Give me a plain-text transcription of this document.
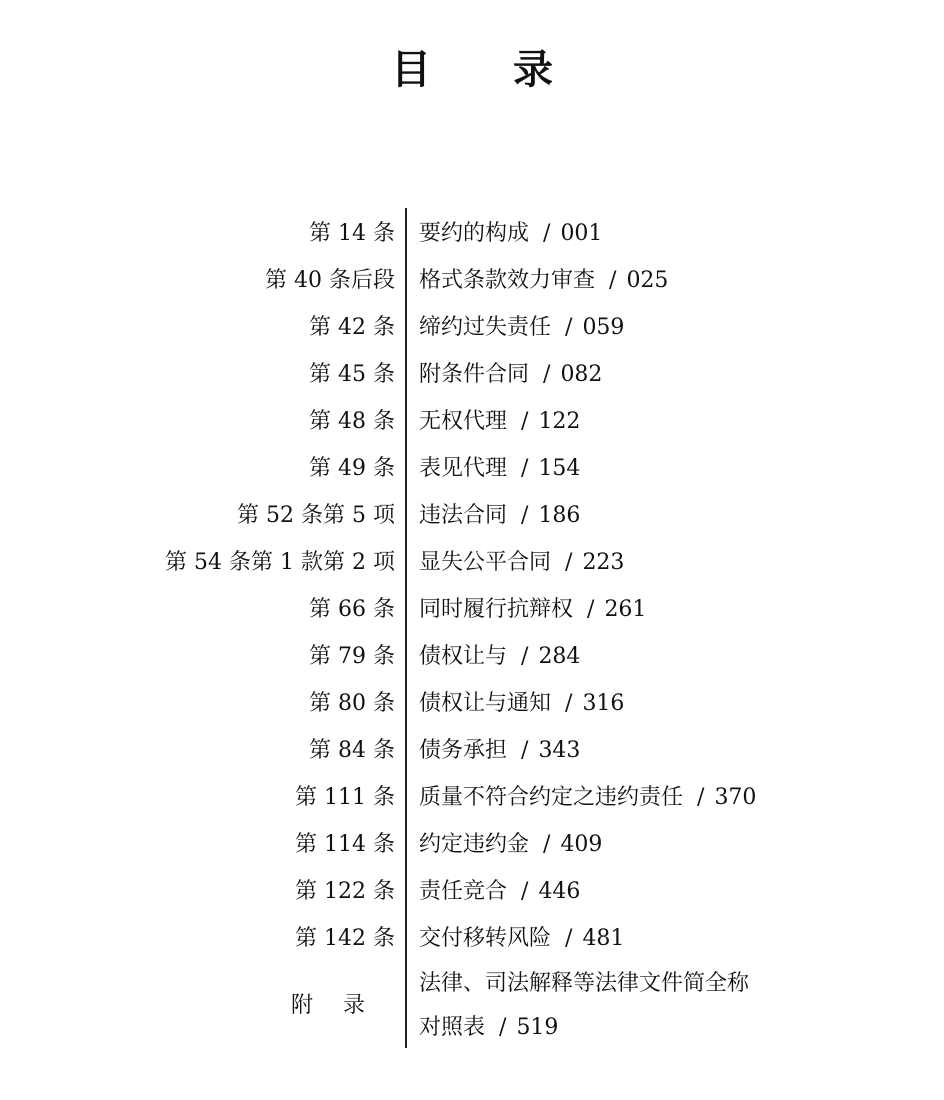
目 录
第 14 条 要约的构成 / 001
第 40 条后段 格式条款效力审查 / 025
第 42 条 缔约过失责任 / 059
第 45 条 附条件合同 / 082
第 48 条 无权代理 / 122
第 49 条 表见代理 / 154
第 52 条第 5 项 违法合同 / 186
第 54 条第 1 款第 2 项 显失公平合同 / 223
第 66 条 同时履行抗辩权 / 261
第 79 条 债权让与 / 284
第 80 条 债权让与通知 / 316
第 84 条 债务承担 / 343
第 111 条 质量不符合约定之违约责任 / 370
第 114 条 约定违约金 / 409
第 122 条 责任竞合 / 446
第 142 条 交付移转风险 / 481
附录
法律、司法解释等法律文件简全称
对照表 / 519
